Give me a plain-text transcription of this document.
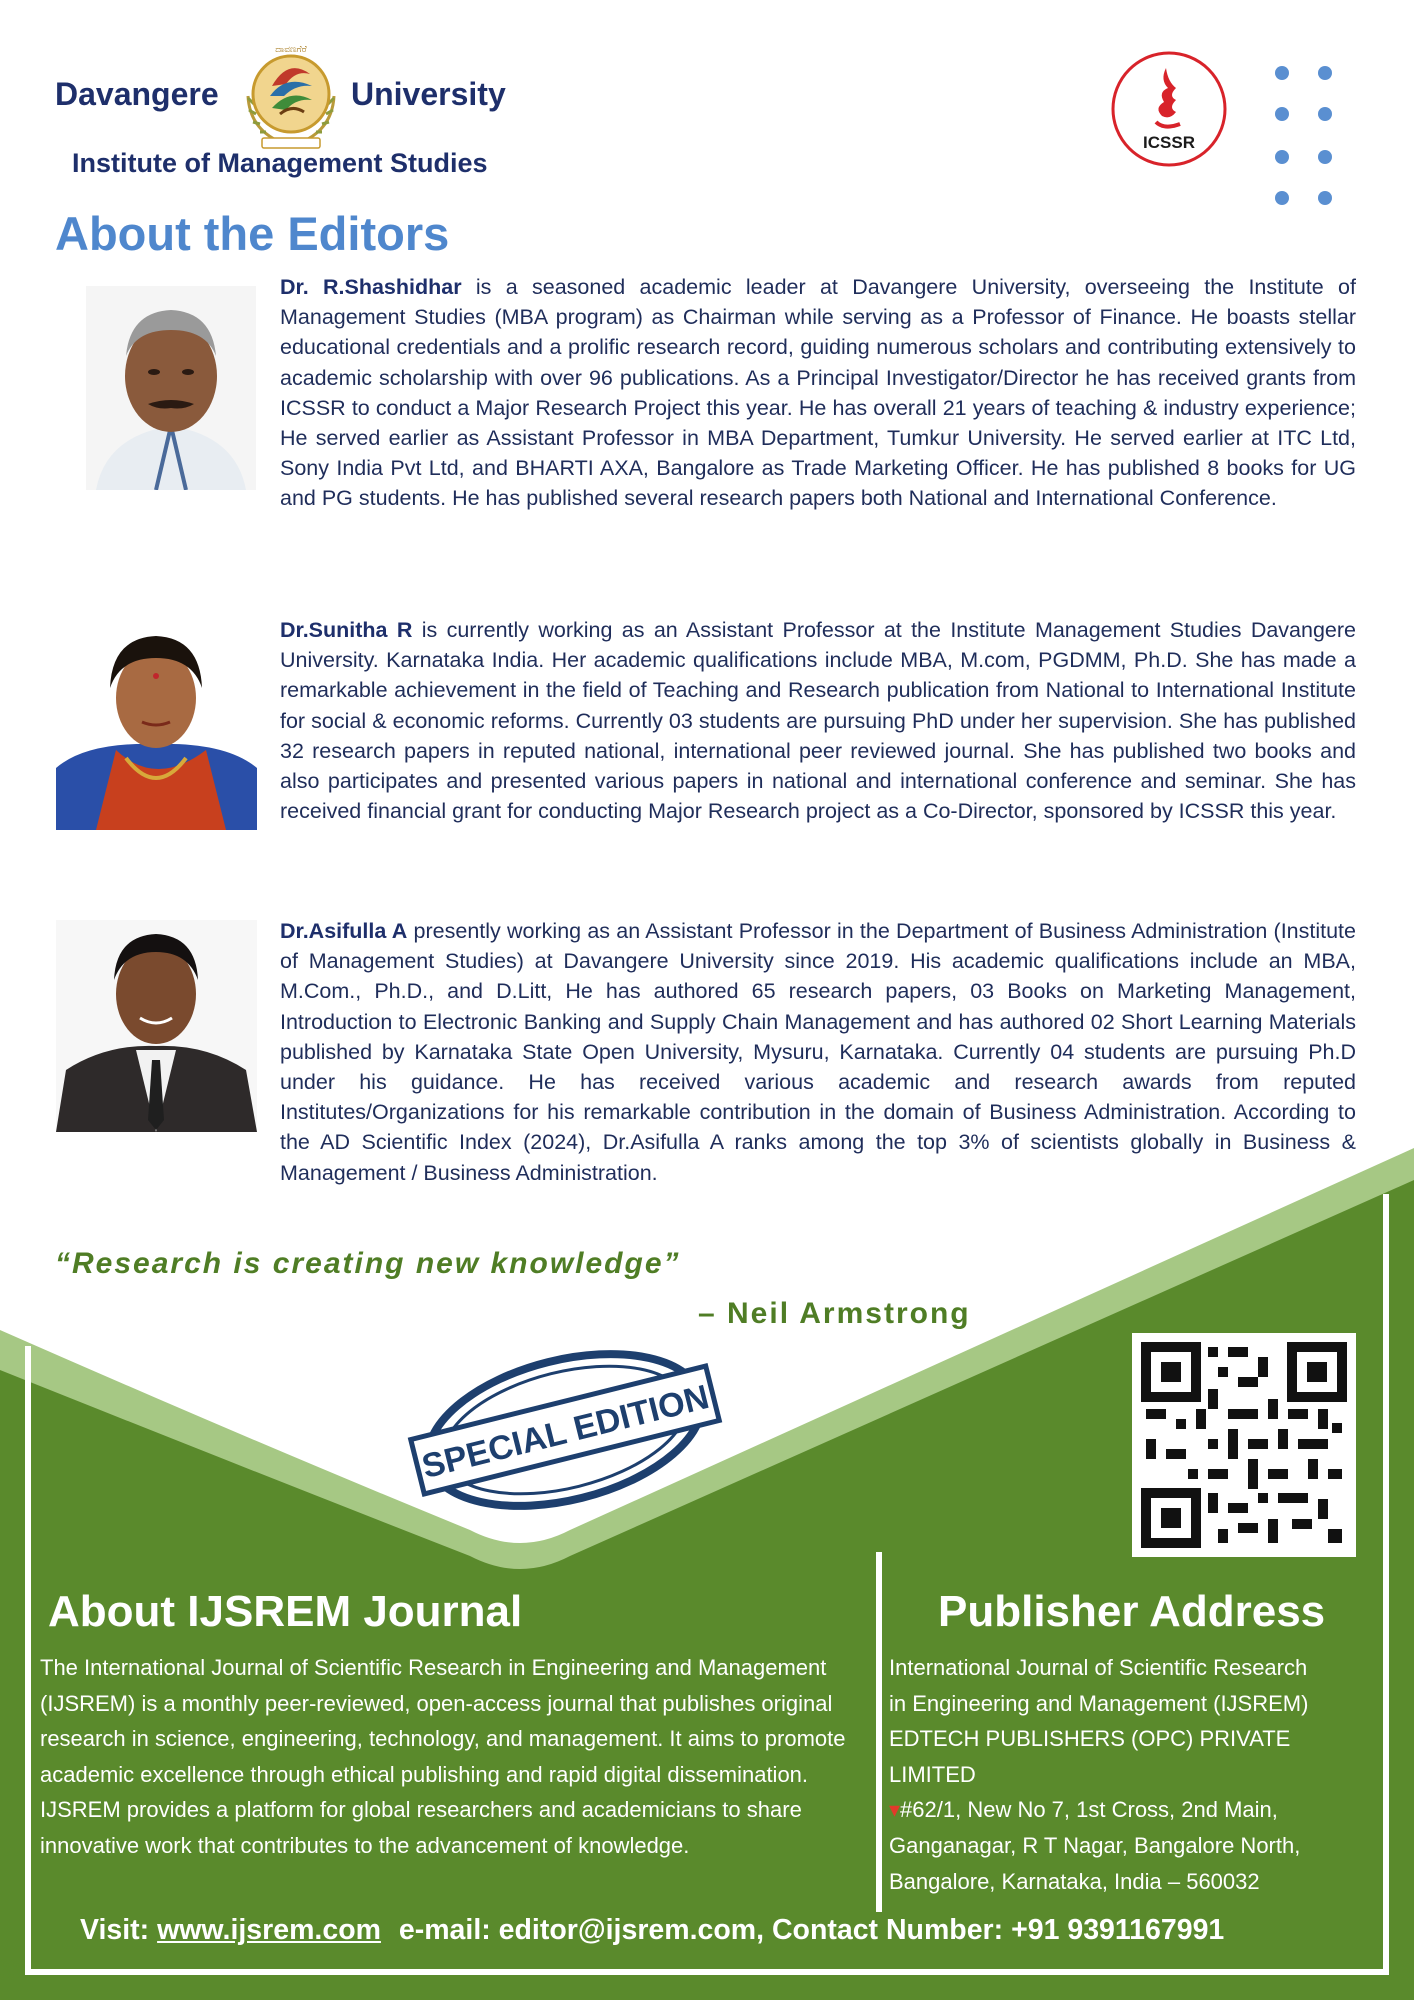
Davangere
ದಾವಣಗೆರೆ
University
Institute of Management Studies
ICSSR
About the Editors

Dr. R.Shashidhar is a seasoned academic leader at Davangere University, overseeing the Institute of Management Studies (MBA program) as Chairman while serving as a Professor of Finance. He boasts stellar educational credentials and a prolific research record, guiding numerous scholars and contributing extensively to academic scholarship with over 96 publications. As a Principal Investigator/Director he has received grants from ICSSR to conduct a Major Research Project this year. He has overall 21 years of teaching & industry experience; He served earlier as Assistant Professor in MBA Department, Tumkur University. He served earlier at ITC Ltd, Sony India Pvt Ltd, and BHARTI AXA, Bangalore as Trade Marketing Officer. He has published 8 books for UG and PG students. He has published several research papers both National and International Conference.

Dr.Sunitha R is currently working as an Assistant Professor at the Institute Management Studies Davangere University. Karnataka India. Her academic qualifications include MBA, M.com, PGDMM, Ph.D. She has made a remarkable achievement in the field of Teaching and Research publication from National to International Institute for social & economic reforms. Currently 03 students are pursuing PhD under her supervision. She has published 32 research papers in reputed national, international peer reviewed journal. She has published two books and also participates and presented various papers in national and international conference and seminar. She has received financial grant for conducting Major Research project as a Co-Director, sponsored by ICSSR this year.

Dr.Asifulla A presently working as an Assistant Professor in the Department of Business Administration (Institute of Management Studies) at Davangere University since 2019. His academic qualifications include an MBA, M.Com., Ph.D., and D.Litt, He has authored 65 research papers, 03 Books on Marketing Management, Introduction to Electronic Banking and Supply Chain Management and has authored 02 Short Learning Materials published by Karnataka State Open University, Mysuru, Karnataka. Currently 04 students are pursuing Ph.D under his guidance. He has received various academic and research awards from reputed Institutes/Organizations for his remarkable contribution in the domain of Business Administration. According to the AD Scientific Index (2024), Dr.Asifulla A ranks among the top 3% of scientists globally in Business & Management / Business Administration.

“Research is creating new knowledge”
– Neil Armstrong
SPECIAL EDITION
About IJSREM Journal

The International Journal of Scientific Research in Engineering and Management (IJSREM) is a monthly peer-reviewed, open-access journal that publishes original research in science, engineering, technology, and management. It aims to promote academic excellence through ethical publishing and rapid digital dissemination. IJSREM provides a platform for global researchers and academicians to share innovative work that contributes to the advancement of knowledge.

Publisher Address
International Journal of Scientific Research
in Engineering and Management (IJSREM)
EDTECH PUBLISHERS (OPC) PRIVATE
LIMITED
▾#62/1, New No 7, 1st Cross, 2nd Main,
Ganganagar, R T Nagar, Bangalore North,
Bangalore, Karnataka, India – 560032
Visit: www.ijsrem.com e-mail: editor@ijsrem.com, Contact Number: +91 9391167991
